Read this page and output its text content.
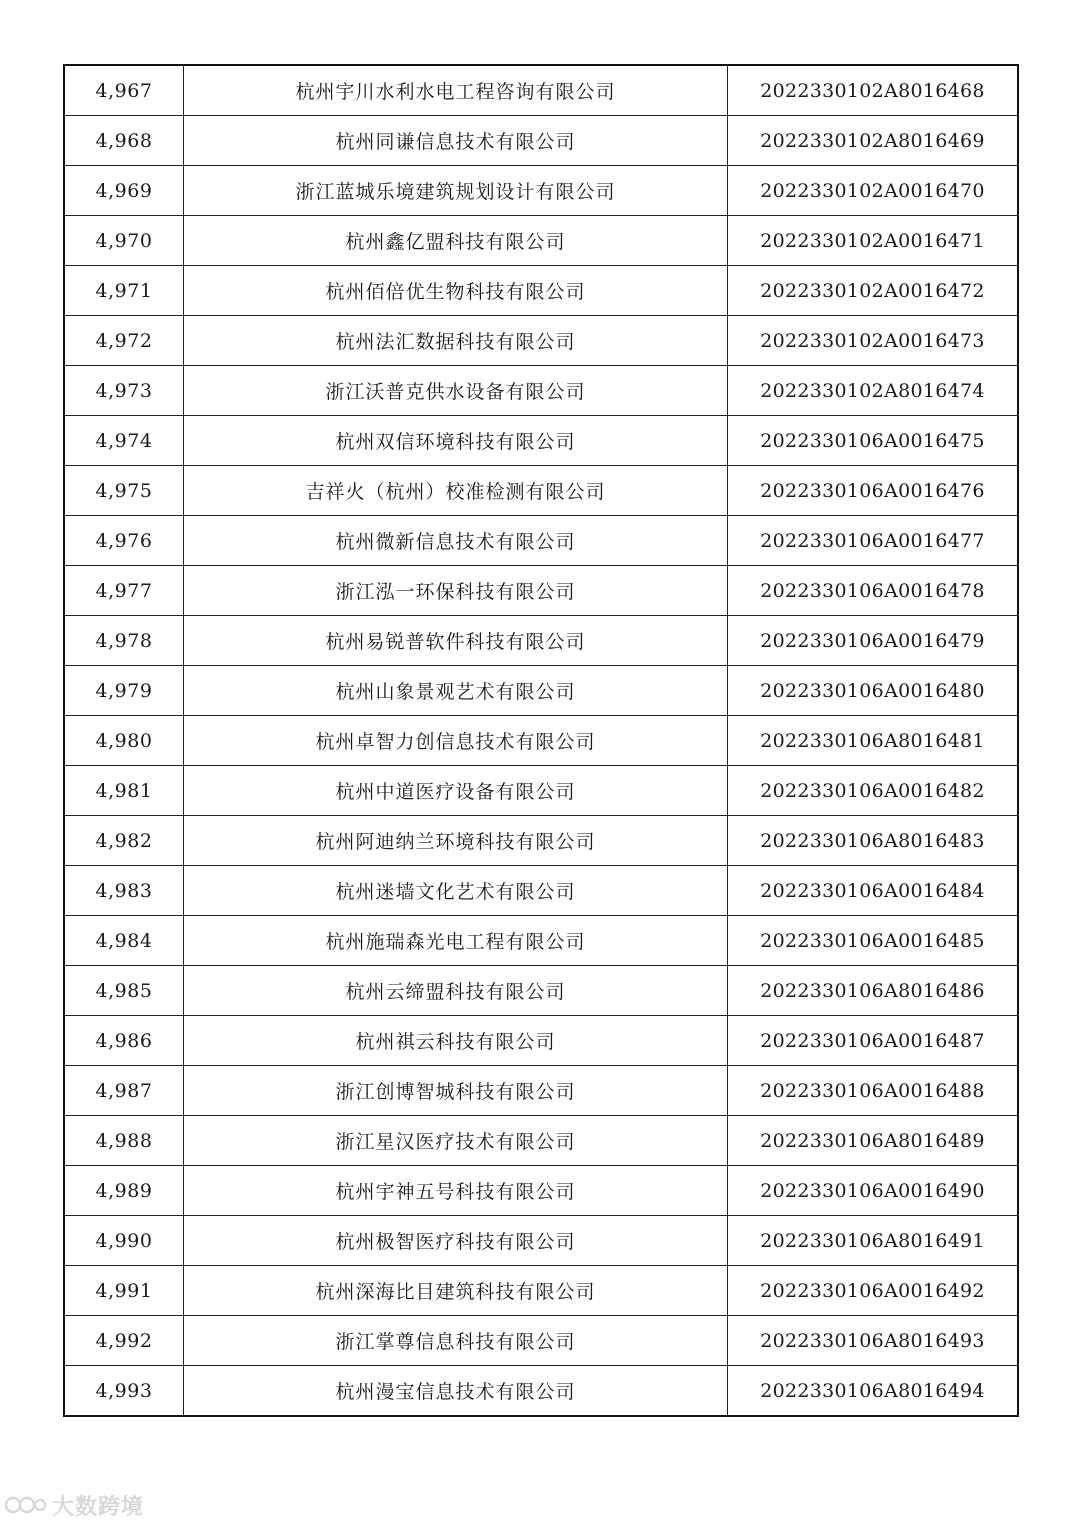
4,967	杭州宇川水利水电工程咨询有限公司	2022330102A8016468
4,968	杭州同谦信息技术有限公司	2022330102A8016469
4,969	浙江蓝城乐境建筑规划设计有限公司	2022330102A0016470
4,970	杭州鑫亿盟科技有限公司	2022330102A0016471
4,971	杭州佰倍优生物科技有限公司	2022330102A0016472
4,972	杭州法汇数据科技有限公司	2022330102A0016473
4,973	浙江沃普克供水设备有限公司	2022330102A8016474
4,974	杭州双信环境科技有限公司	2022330106A0016475
4,975	吉祥火（杭州）校准检测有限公司	2022330106A0016476
4,976	杭州微新信息技术有限公司	2022330106A0016477
4,977	浙江泓一环保科技有限公司	2022330106A0016478
4,978	杭州易锐普软件科技有限公司	2022330106A0016479
4,979	杭州山象景观艺术有限公司	2022330106A0016480
4,980	杭州卓智力创信息技术有限公司	2022330106A8016481
4,981	杭州中道医疗设备有限公司	2022330106A0016482
4,982	杭州阿迪纳兰环境科技有限公司	2022330106A8016483
4,983	杭州迷墙文化艺术有限公司	2022330106A0016484
4,984	杭州施瑞森光电工程有限公司	2022330106A0016485
4,985	杭州云缔盟科技有限公司	2022330106A8016486
4,986	杭州祺云科技有限公司	2022330106A0016487
4,987	浙江创博智城科技有限公司	2022330106A0016488
4,988	浙江星汉医疗技术有限公司	2022330106A8016489
4,989	杭州宇神五号科技有限公司	2022330106A0016490
4,990	杭州极智医疗科技有限公司	2022330106A8016491
4,991	杭州深海比目建筑科技有限公司	2022330106A0016492
4,992	浙江掌尊信息科技有限公司	2022330106A8016493
4,993	杭州漫宝信息技术有限公司	2022330106A8016494
大数跨境
